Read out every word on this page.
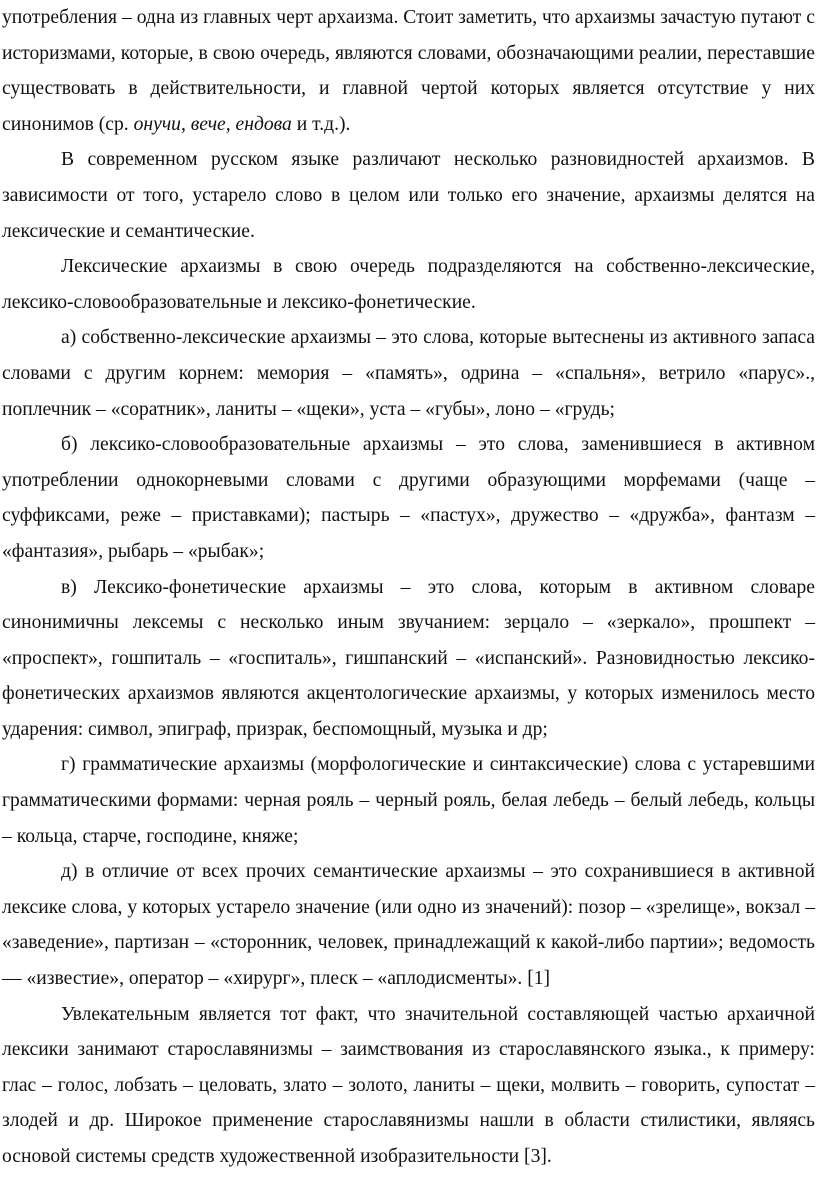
употребления – одна из главных черт архаизма. Стоит заметить, что архаизмы зачастую путают с историзмами, которые, в свою очередь, являются словами, обозначающими реалии, переставшие существовать в действительности, и главной чертой которых является отсутствие у них синонимов (ср. онучи, вече, ендова и т.д.).

В современном русском языке различают несколько разновидностей архаизмов. В зависимости от того, устарело слово в целом или только его значение, архаизмы делятся на лексические и семантические.

Лексические архаизмы в свою очередь подразделяются на собственно-лексические, лексико-словообразовательные и лексико-фонетические.

а) собственно-лексические архаизмы – это слова, которые вытеснены из активного запаса словами с другим корнем: мемория – «память», одрина – «спальня», ветрило «парус»., поплечник – «соратник», ланиты – «щеки», уста – «губы», лоно – «грудь;

б) лексико-словообразовательные архаизмы – это слова, заменившиеся в активном употреблении однокорневыми словами с другими образующими морфемами (чаще – суффиксами, реже – приставками); пастырь – «пастух», дружество – «дружба», фантазм – «фантазия», рыбарь – «рыбак»;

в) Лексико-фонетические архаизмы – это слова, которым в активном словаре синонимичны лексемы с несколько иным звучанием: зерцало – «зеркало», прошпект – «проспект», гошпиталь – «госпиталь», гишпанский – «испанский». Разновидностью лексико-фонетических архаизмов являются акцентологические архаизмы, у которых изменилось место ударения: символ, эпиграф, призрак, беспомощный, музыка и др;

г) грамматические архаизмы (морфологические и синтаксические) слова с устаревшими грамматическими формами: черная рояль – черный рояль, белая лебедь – белый лебедь, кольцы – кольца, старче, господине, княже;

д) в отличие от всех прочих семантические архаизмы – это сохранившиеся в активной лексике слова, у которых устарело значение (или одно из значений): позор – «зрелище», вокзал – «заведение», партизан – «сторонник, человек, принадлежащий к какой-либо партии»; ведомость –– «известие», оператор – «хирург», плеск – «аплодисменты». [1]

Увлекательным является тот факт, что значительной составляющей частью архаичной лексики занимают старославянизмы – заимствования из старославянского языка., к примеру: глас – голос, лобзать – целовать, злато – золото, ланиты – щеки, молвить – говорить, супостат – злодей и др. Широкое применение старославянизмы нашли в области стилистики, являясь основой системы средств художественной изобразительности [3].
